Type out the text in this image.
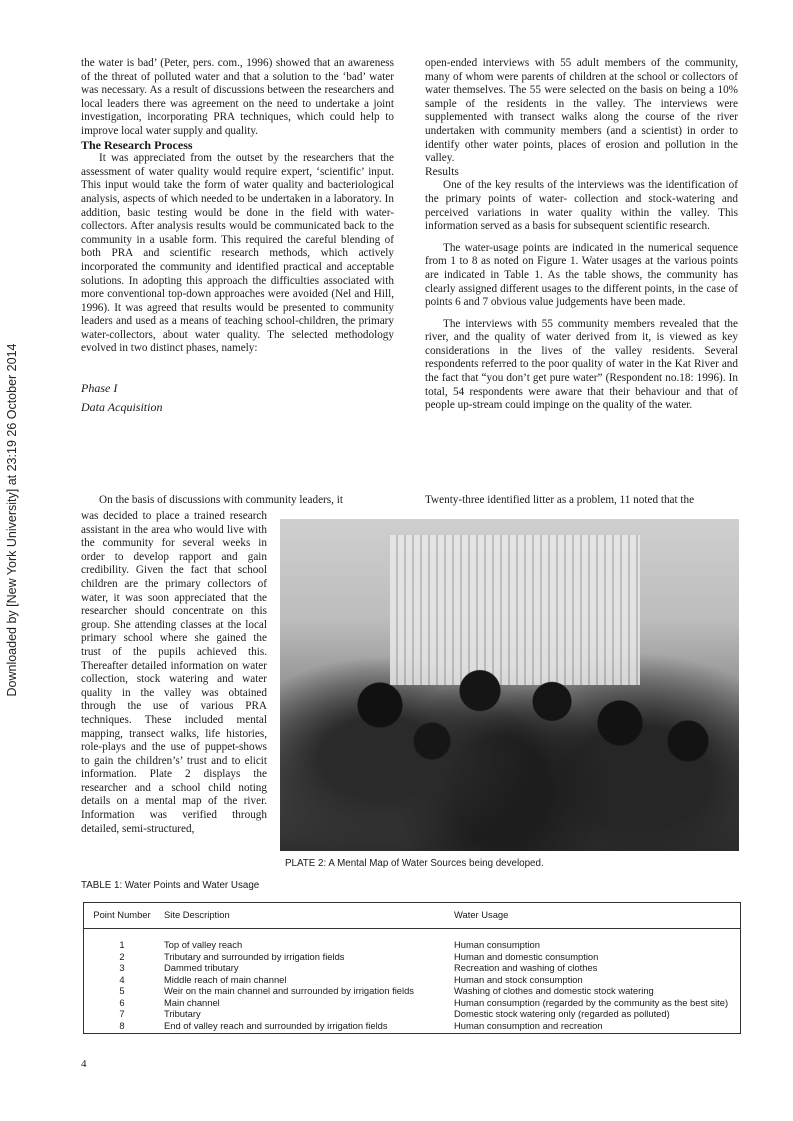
Downloaded by [New York University] at 23:19 26 October 2014

the water is bad’ (Peter, pers. com., 1996) showed that an awareness of the threat of polluted water and that a solution to the ‘bad’ water was necessary. As a result of discussions between the researchers and local leaders there was agreement on the need to undertake a joint investigation, incorporating PRA techniques, which could help to improve local water supply and quality.

The Research Process

It was appreciated from the outset by the researchers that the assessment of water quality would require expert, ‘scientific’ input. This input would take the form of water quality and bacteriological analysis, aspects of which needed to be undertaken in a laboratory. In addition, basic testing would be done in the field with water-collectors. After analysis results would be communicated back to the community in a usable form. This required the careful blending of both PRA and scientific research methods, which actively incorporated the community and identified practical and acceptable solutions. In adopting this approach the difficulties associated with more conventional top-down approaches were avoided (Nel and Hill, 1996). It was agreed that results would be presented to community leaders and used as a means of teaching school-children, the primary water-collectors, about water quality. The selected methodology evolved in two distinct phases, namely:

Phase I

Data Acquisition

open-ended interviews with 55 adult members of the community, many of whom were parents of children at the school or collectors of water themselves. The 55 were selected on the basis on being a 10% sample of the residents in the valley. The interviews were supplemented with transect walks along the course of the river undertaken with community members (and a scientist) in order to identify other water points, places of erosion and pollution in the valley.

Results

One of the key results of the interviews was the identification of the primary points of water- collection and stock-watering and perceived variations in water quality within the valley. This information served as a basis for subsequent scientific research.

The water-usage points are indicated in the numerical sequence from 1 to 8 as noted on Figure 1. Water usages at the various points are indicated in Table 1. As the table shows, the community has clearly assigned different usages to the different points, in the case of points 6 and 7 obvious value judgements have been made.

The interviews with 55 community members revealed that the river, and the quality of water derived from it, is viewed as key considerations in the lives of the valley residents. Several respondents referred to the poor quality of water in the Kat River and the fact that “you don’t get pure water” (Respondent no.18: 1996). In total, 54 respondents were aware that their behaviour and that of people up-stream could impinge on the quality of the water.

On the basis of discussions with community leaders, it	Twenty-three identified litter as a problem, 11 noted that the

was decided to place a trained research assistant in the area who would live with the community for several weeks in order to develop rapport and gain credibility. Given the fact that school children are the primary collectors of water, it was soon appreciated that the researcher should concentrate on this group. She attending classes at the local primary school where she gained the trust of the pupils achieved this. Thereafter detailed information on water collection, stock watering and water quality in the valley was obtained through the use of various PRA techniques. These included mental mapping, transect walks, life histories, role-plays and the use of puppet-shows to gain the children’s’ trust and to elicit information. Plate 2 displays the researcher and a school child noting details on a mental map of the river. Information was verified through detailed, semi-structured,

PLATE 2: A Mental Map of Water Sources being developed.
TABLE 1: Water Points and Water Usage
Point Number	Site Description	Water Usage
1	Top of valley reach	Human consumption
2	Tributary and surrounded by irrigation fields	Human and domestic consumption
3	Dammed tributary	Recreation and washing of clothes
4	Middle reach of main channel	Human and stock consumption
5	Weir on the main channel and surrounded by irrigation fields	Washing of clothes and domestic stock watering
6	Main channel	Human consumption (regarded by the community as the best site)
7	Tributary	Domestic stock watering only (regarded as polluted)
8	End of valley reach and surrounded by irrigation fields	Human consumption and recreation
4
